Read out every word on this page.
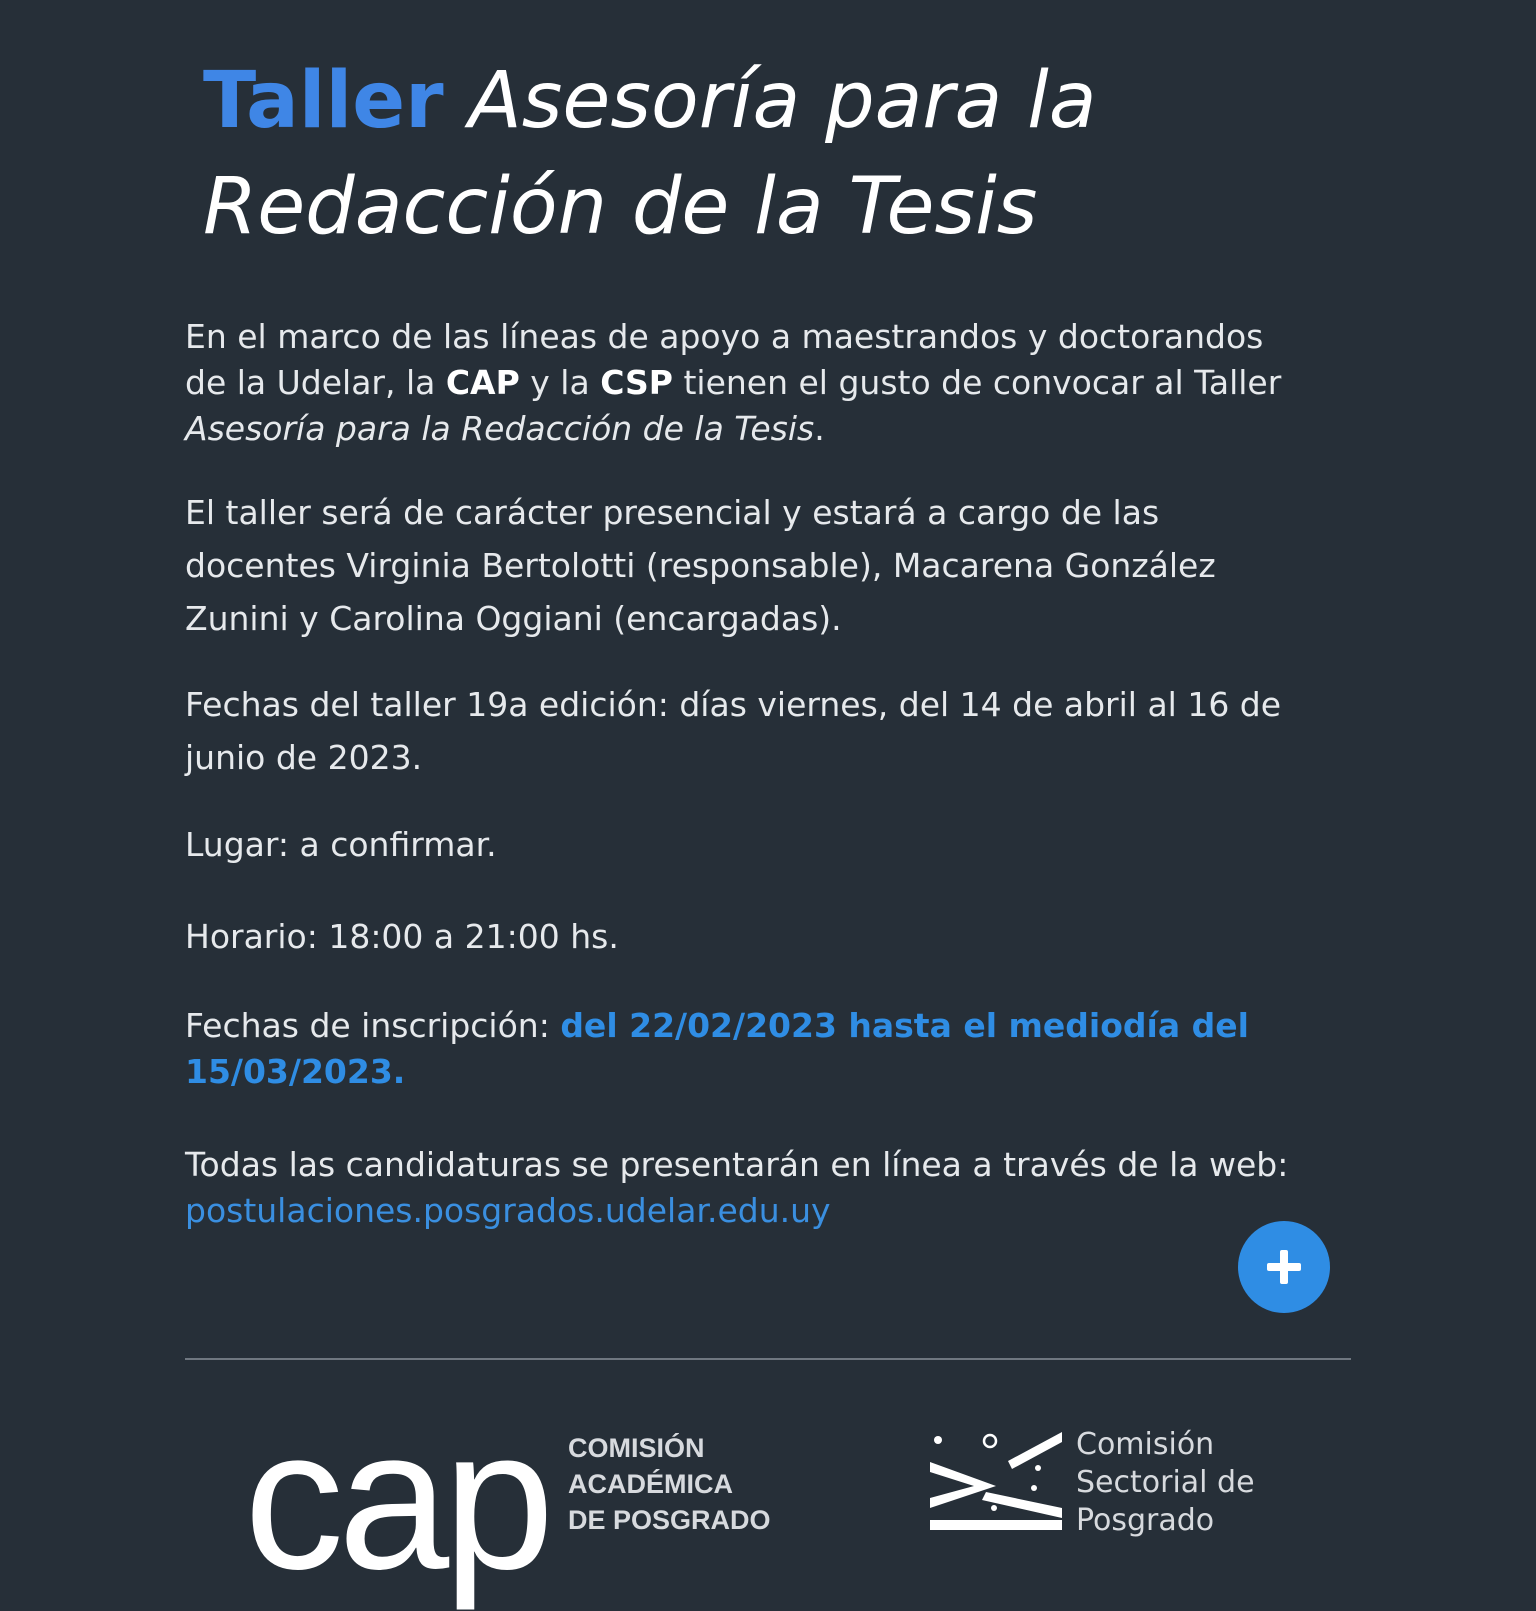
Taller Asesoría para la
Redacción de la Tesis

En el marco de las líneas de apoyo a maestrandos y doctorandos de la Udelar, la CAP y la CSP tienen el gusto de convocar al Taller Asesoría para la Redacción de la Tesis.

El taller será de carácter presencial y estará a cargo de las docentes Virginia Bertolotti (responsable), Macarena González Zunini y Carolina Oggiani (encargadas).

Fechas del taller 19a edición: días viernes, del 14 de abril al 16 de junio de 2023.

Lugar: a confirmar.

Horario: 18:00 a 21:00 hs.

Fechas de inscripción: del 22/02/2023 hasta el mediodía del 15/03/2023.

Todas las candidaturas se presentarán en línea a través de la web: postulaciones.posgrados.udelar.edu.uy

cap COMISIÓN
ACADÉMICA
DE POSGRADO
Comisión
Sectorial de
Posgrado
